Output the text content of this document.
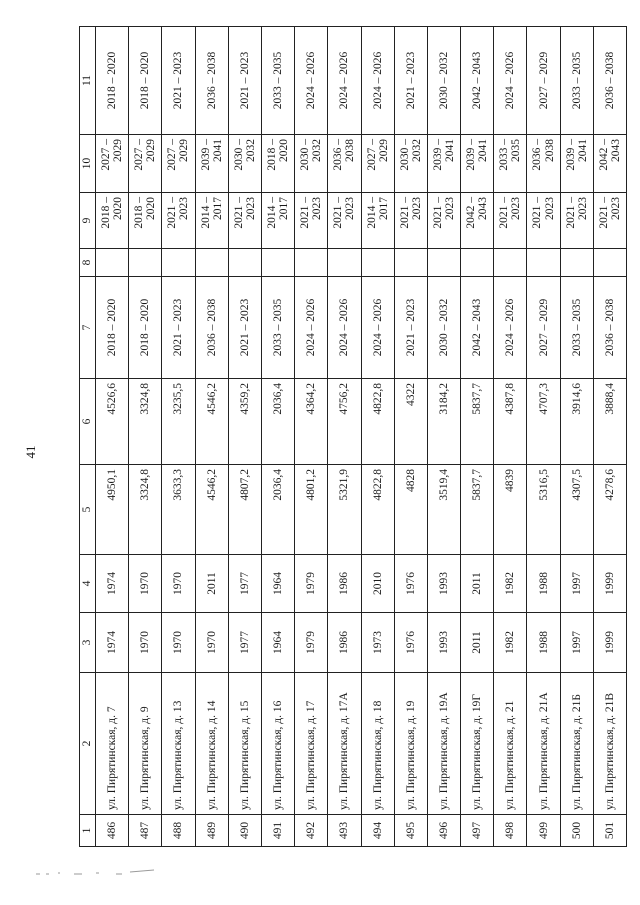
41
1	2	3	4	5	6	7	8	9	10	11
486	ул. Пирятинская, д. 7	1974	1974	4950,1	4526,6	2018 – 2020		2018 – 2020	2027 – 2029	2018 – 2020
487	ул. Пирятинская, д. 9	1970	1970	3324,8	3324,8	2018 – 2020		2018 – 2020	2027 – 2029	2018 – 2020
488	ул. Пирятинская, д. 13	1970	1970	3633,3	3235,5	2021 – 2023		2021 – 2023	2027 – 2029	2021 – 2023
489	ул. Пирятинская, д. 14	1970	2011	4546,2	4546,2	2036 – 2038		2014 – 2017	2039 – 2041	2036 – 2038
490	ул. Пирятинская, д. 15	1977	1977	4807,2	4359,2	2021 – 2023		2021 – 2023	2030 – 2032	2021 – 2023
491	ул. Пирятинская, д. 16	1964	1964	2036,4	2036,4	2033 – 2035		2014 – 2017	2018 – 2020	2033 – 2035
492	ул. Пирятинская, д. 17	1979	1979	4801,2	4364,2	2024 – 2026		2021 – 2023	2030 – 2032	2024 – 2026
493	ул. Пирятинская, д. 17А	1986	1986	5321,9	4756,2	2024 – 2026		2021 – 2023	2036 – 2038	2024 – 2026
494	ул. Пирятинская, д. 18	1973	2010	4822,8	4822,8	2024 – 2026		2014 – 2017	2027 – 2029	2024 – 2026
495	ул. Пирятинская, д. 19	1976	1976	4828	4322	2021 – 2023		2021 – 2023	2030 – 2032	2021 – 2023
496	ул. Пирятинская, д. 19А	1993	1993	3519,4	3184,2	2030 – 2032		2021 – 2023	2039 – 2041	2030 – 2032
497	ул. Пирятинская, д. 19Г	2011	2011	5837,7	5837,7	2042 – 2043		2042 – 2043	2039 – 2041	2042 – 2043
498	ул. Пирятинская, д. 21	1982	1982	4839	4387,8	2024 – 2026		2021 – 2023	2033 – 2035	2024 – 2026
499	ул. Пирятинская, д. 21А	1988	1988	5316,5	4707,3	2027 – 2029		2021 – 2023	2036 – 2038	2027 – 2029
500	ул. Пирятинская, д. 21Б	1997	1997	4307,5	3914,6	2033 – 2035		2021 – 2023	2039 – 2041	2033 – 2035
501	ул. Пирятинская, д. 21В	1999	1999	4278,6	3888,4	2036 – 2038		2021 – 2023	2042 – 2043	2036 – 2038
